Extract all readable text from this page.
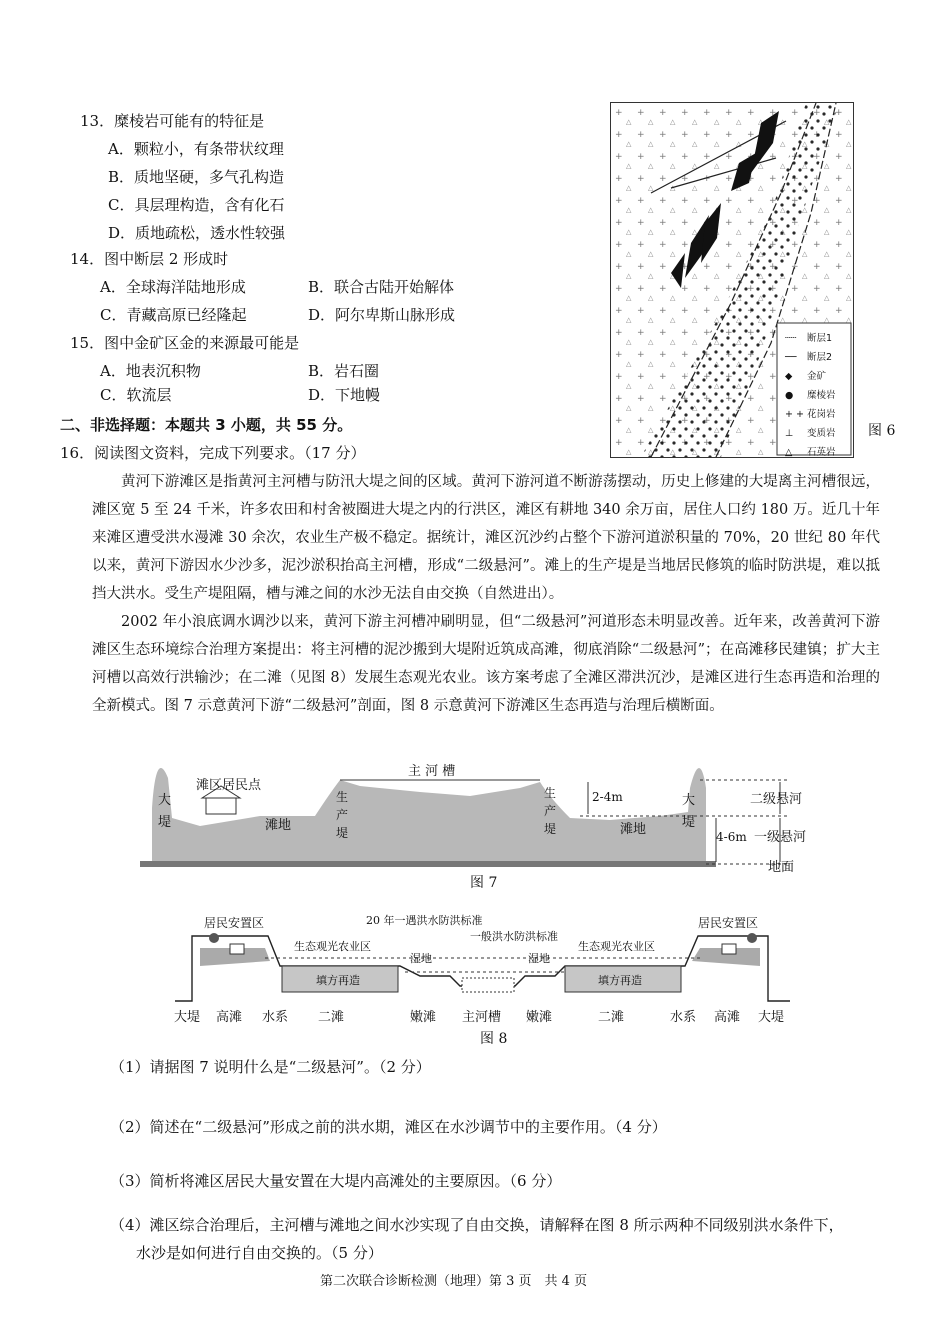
13．糜棱岩可能有的特征是
A．颗粒小，有条带状纹理
B．质地坚硬，多气孔构造
C．具层理构造，含有化石
D．质地疏松，透水性较强
14．图中断层 2 形成时
A．全球海洋陆地形成	B．联合古陆开始解体
C．青藏高原已经隆起	D．阿尔卑斯山脉形成
15．图中金矿区金的来源最可能是
A．地表沉积物	B．岩石圈
C．软流层	D．下地幔
二、非选择题：本题共 3 小题，共 55 分。
16．阅读图文资料，完成下列要求。（17 分）
┄┄ 断层1
── 断层2
◆ 金矿
● 糜棱岩
+ + 花岗岩
⊥ 变质岩
△ 石英岩
图 6

黄河下游滩区是指黄河主河槽与防汛大堤之间的区域。黄河下游河道不断游荡摆动，历史上修建的大堤离主河槽很远，滩区宽 5 至 24 千米，许多农田和村舍被圈进大堤之内的行洪区，滩区有耕地 340 余万亩，居住人口约 180 万。近几十年来滩区遭受洪水漫滩 30 余次，农业生产极不稳定。据统计，滩区沉沙约占整个下游河道淤积量的 70%，20 世纪 80 年代以来，黄河下游因水少沙多，泥沙淤积抬高主河槽，形成“二级悬河”。滩上的生产堤是当地居民修筑的临时防洪堤，难以抵挡大洪水。受生产堤阻隔，槽与滩之间的水沙无法自由交换（自然进出）。

2002 年小浪底调水调沙以来，黄河下游主河槽冲刷明显，但“二级悬河”河道形态未明显改善。近年来，改善黄河下游滩区生态环境综合治理方案提出：将主河槽的泥沙搬到大堤附近筑成高滩，彻底消除“二级悬河”；在高滩移民建镇；扩大主河槽以高效行洪输沙；在二滩（见图 8）发展生态观光农业。该方案考虑了全滩区滞洪沉沙，是滩区进行生态再造和治理的全新模式。图 7 示意黄河下游“二级悬河”剖面，图 8 示意黄河下游滩区生态再造与治理后横断面。

主 河 槽
滩区居民点
大堤
大堤
滩地	滩地
生产堤
生产堤
2-4m
4-6m
二级悬河
一级悬河
地面
图 7
居民安置区	居民安置区
生态观光农业区	生态观光农业区
20 年一遇洪水防洪标准
一般洪水防洪标准
湿地	湿地
填方再造	填方再造
大堤 高滩 水系 二滩	嫩滩 主河槽 嫩滩	二滩	水系 高滩 大堤
图 8
（1）请据图 7 说明什么是“二级悬河”。（2 分）
（2）简述在“二级悬河”形成之前的洪水期，滩区在水沙调节中的主要作用。（4 分）
（3）简析将滩区居民大量安置在大堤内高滩处的主要原因。（6 分）
（4）滩区综合治理后，主河槽与滩地之间水沙实现了自由交换，请解释在图 8 所示两种不同级别洪水条件下，
水沙是如何进行自由交换的。（5 分）
第二次联合诊断检测（地理）第 3 页　共 4 页
